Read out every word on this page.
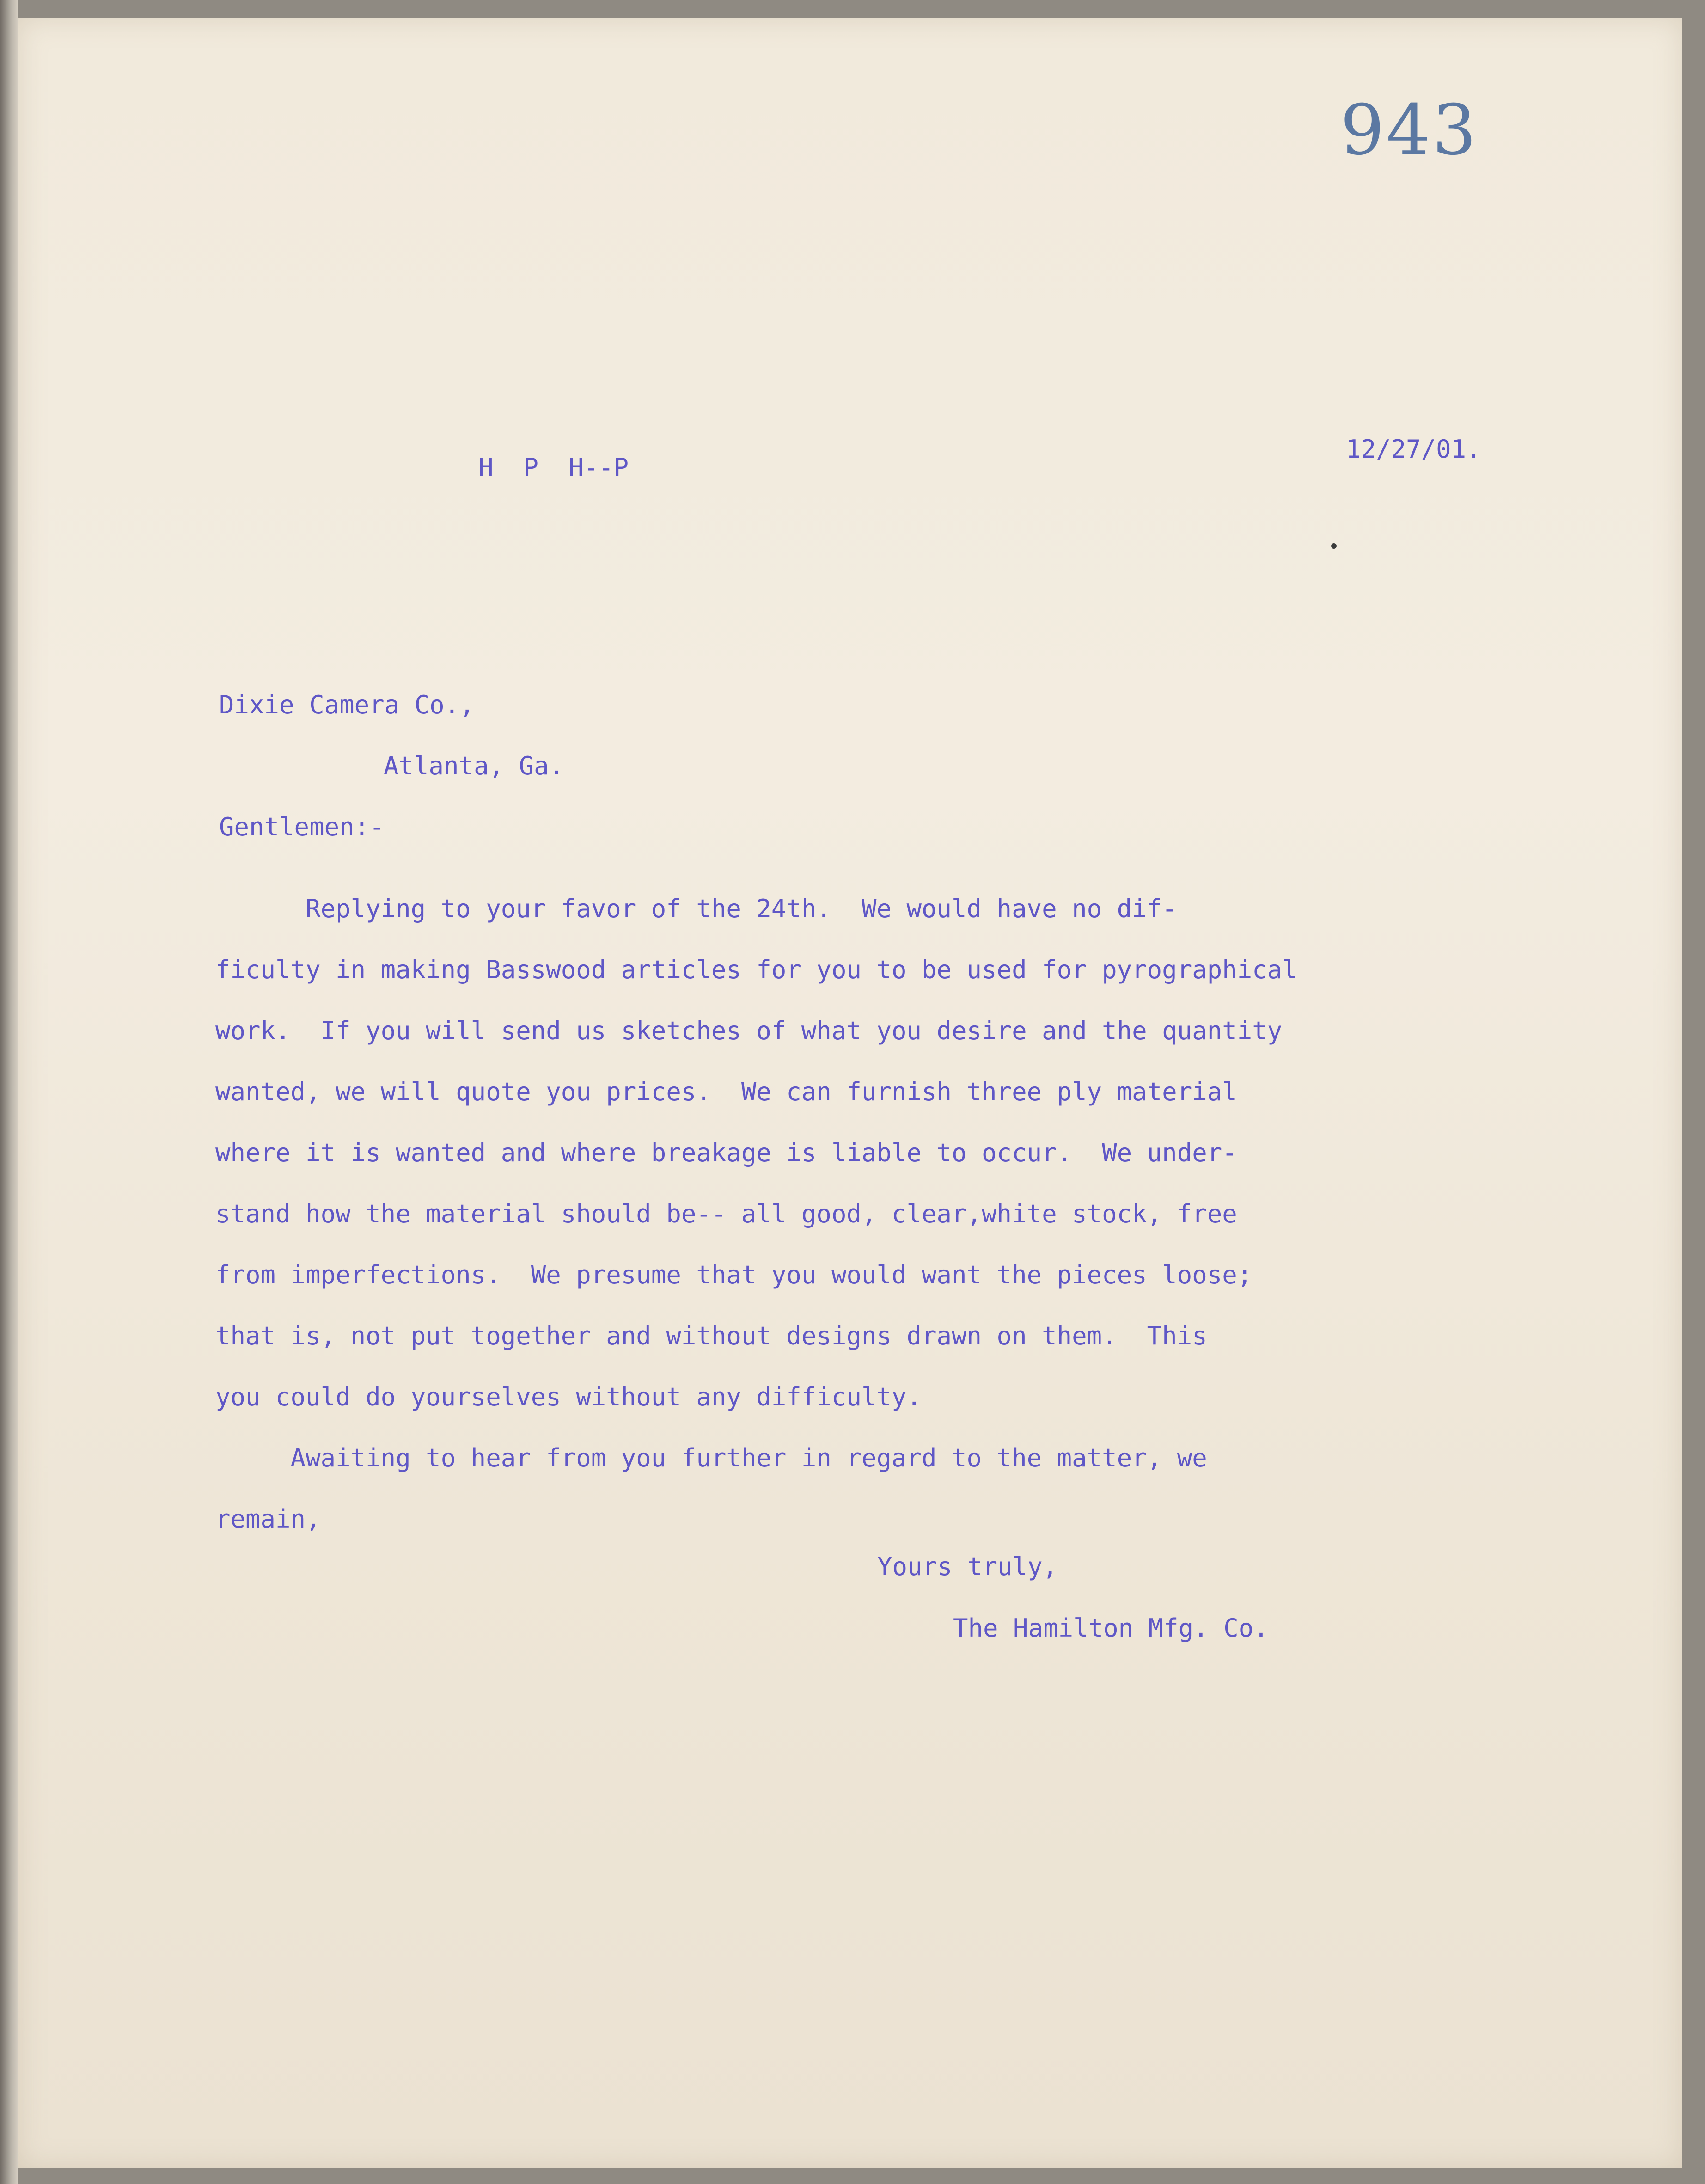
943
H  P  H--P
12/27/01.
Dixie Camera Co.,
Atlanta, Ga.
Gentlemen:-
Replying to your favor of the 24th.  We would have no dif-
ficulty in making Basswood articles for you to be used for pyrographical
work.  If you will send us sketches of what you desire and the quantity
wanted, we will quote you prices.  We can furnish three ply material
where it is wanted and where breakage is liable to occur.  We under-
stand how the material should be-- all good, clear,white stock, free
from imperfections.  We presume that you would want the pieces loose;
that is, not put together and without designs drawn on them.  This
you could do yourselves without any difficulty.
Awaiting to hear from you further in regard to the matter, we
remain,
Yours truly,
The Hamilton Mfg. Co.
